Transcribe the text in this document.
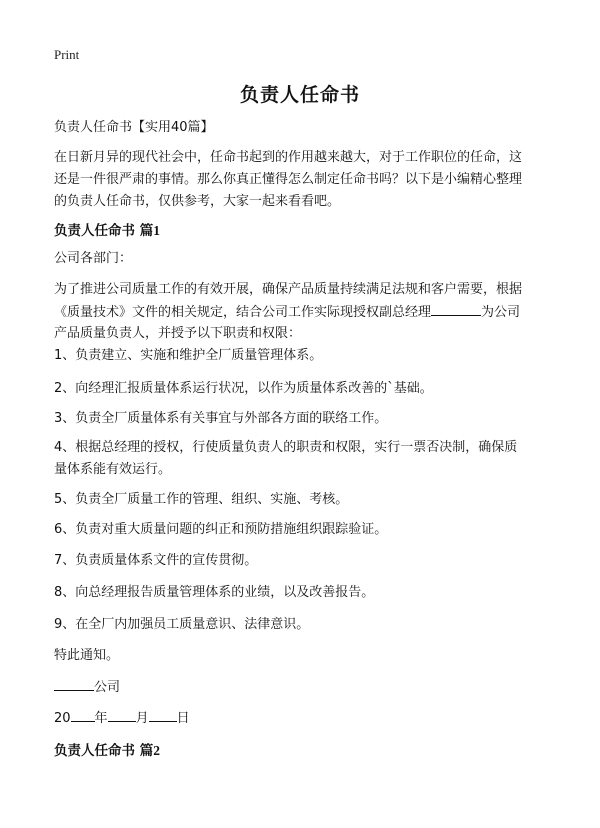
Print
负责人任命书
负责人任命书【实用40篇】
在日新月异的现代社会中，任命书起到的作用越来越大，对于工作职位的任命，这
还是一件很严肃的事情。那么你真正懂得怎么制定任命书吗？以下是小编精心整理
的负责人任命书，仅供参考，大家一起来看看吧。
负责人任命书 篇1
公司各部门：
为了推进公司质量工作的有效开展，确保产品质量持续满足法规和客户需要，根据
《质量技术》文件的相关规定，结合公司工作实际现授权副总经理	为公司
产品质量负责人，并授予以下职责和权限：
1、负责建立、实施和维护全厂质量管理体系。
2、向经理汇报质量体系运行状况，以作为质量体系改善的`基础。
3、负责全厂质量体系有关事宜与外部各方面的联络工作。
4、根据总经理的授权，行使质量负责人的职责和权限，实行一票否决制，确保质
量体系能有效运行。
5、负责全厂质量工作的管理、组织、实施、考核。
6、负责对重大质量问题的纠正和预防措施组织跟踪验证。
7、负责质量体系文件的宣传贯彻。
8、向总经理报告质量管理体系的业绩，以及改善报告。
9、在全厂内加强员工质量意识、法律意识。
特此通知。
公司
20 年 月 日
负责人任命书 篇2
